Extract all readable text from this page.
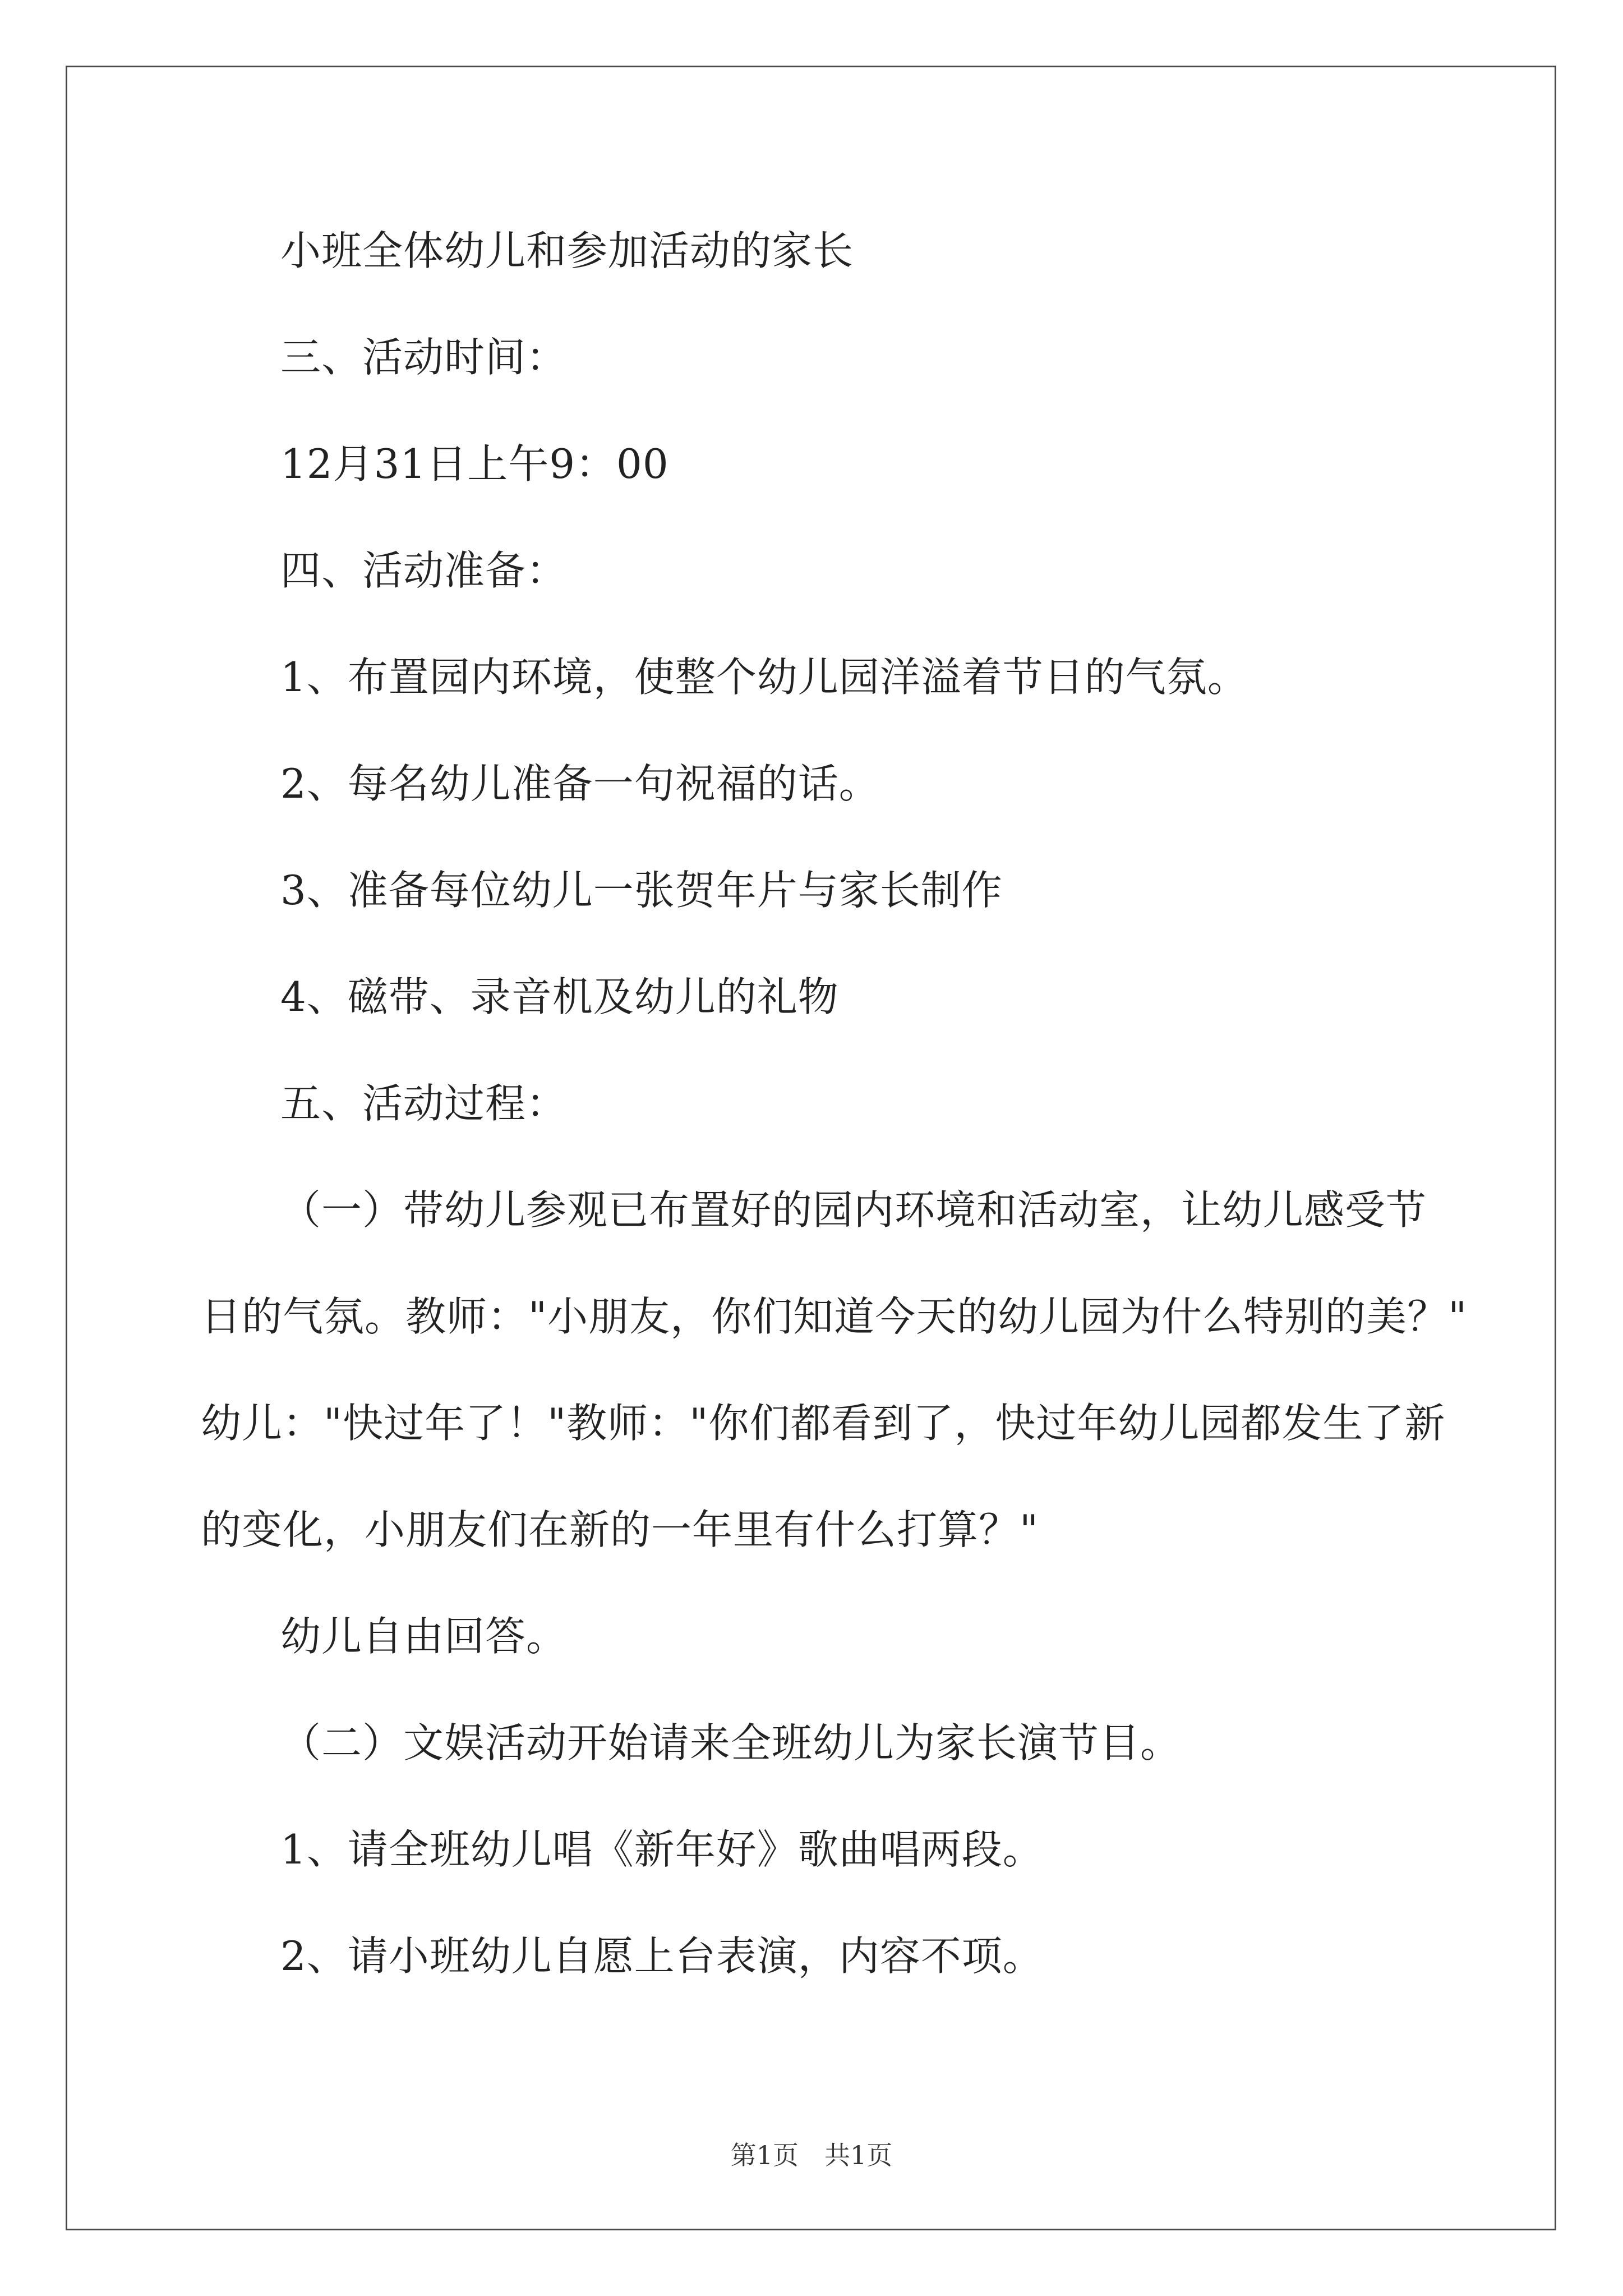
小班全体幼儿和参加活动的家长
三、活动时间：
12月31日上午9：00
四、活动准备：
1、布置园内环境，使整个幼儿园洋溢着节日的气氛。
2、每名幼儿准备一句祝福的话。
3、准备每位幼儿一张贺年片与家长制作
4、磁带、录音机及幼儿的礼物
五、活动过程：
（一）带幼儿参观已布置好的园内环境和活动室，让幼儿感受节
日的气氛。教师："小朋友，你们知道今天的幼儿园为什么特别的美？"
幼儿："快过年了！"教师："你们都看到了，快过年幼儿园都发生了新
的变化，小朋友们在新的一年里有什么打算？"
幼儿自由回答。
（二）文娱活动开始请来全班幼儿为家长演节目。
1、请全班幼儿唱《新年好》歌曲唱两段。
2、请小班幼儿自愿上台表演，内容不项。
第1页　共1页
